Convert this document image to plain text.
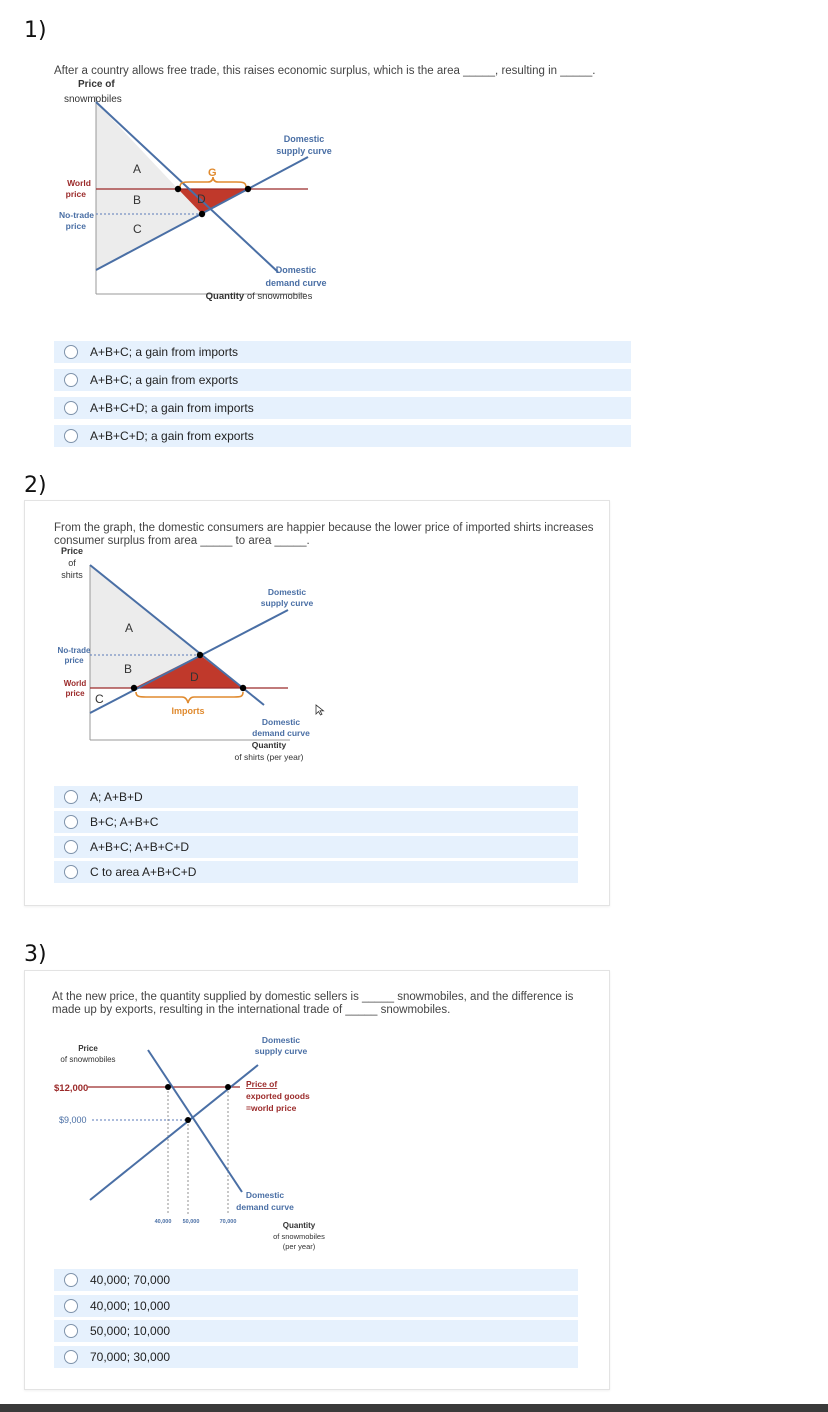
1)
After a country allows free trade, this raises economic surplus, which is the area _____, resulting in _____.
Price of
snowmobiles
World
price
No-trade
price
A
B
C
D
G
Domestic
supply curve
Domestic
demand curve
Quantity of snowmobiles
A+B+C; a gain from imports
A+B+C; a gain from exports
A+B+C+D; a gain from imports
A+B+C+D; a gain from exports
2)
From the graph, the domestic consumers are happier because the lower price of imported shirts increases
consumer surplus from area _____ to area _____.
Price
of
shirts
No-trade
price
World
price
A
B
C
D
Imports
Domestic
supply curve
Domestic
demand curve
Quantity
of shirts (per year)
A; A+B+D
B+C; A+B+C
A+B+C; A+B+C+D
C to area A+B+C+D
3)
At the new price, the quantity supplied by domestic sellers is _____ snowmobiles, and the difference is
made up by exports, resulting in the international trade of _____ snowmobiles.
Price
of snowmobiles
$12,000
$9,000
Domestic
supply curve
Price of
exported goods
=world price
Domestic
demand curve
40,000 50,000	70,000	Quantity
of snowmobiles
(per year)
40,000; 70,000
40,000; 10,000
50,000; 10,000
70,000; 30,000
